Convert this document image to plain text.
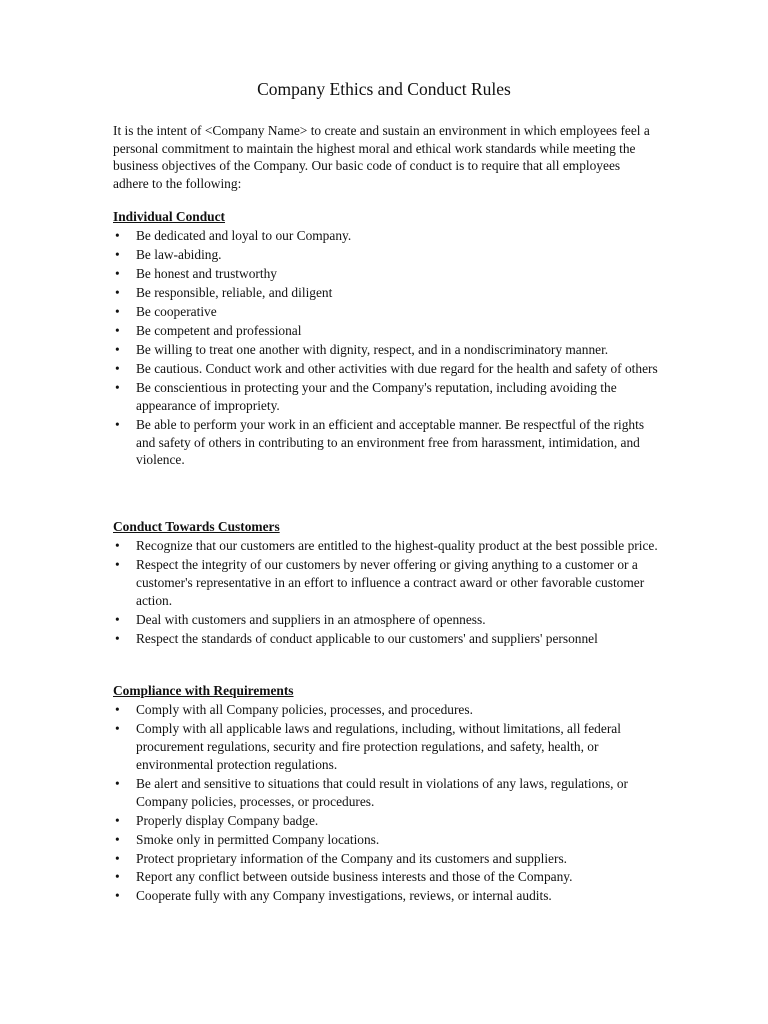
Company Ethics and Conduct Rules

It is the intent of <Company Name> to create and sustain an environment in which employees feel a personal commitment to maintain the highest moral and ethical work standards while meeting the business objectives of the Company. Our basic code of conduct is to require that all employees adhere to the following:

Individual Conduct
• Be dedicated and loyal to our Company.
• Be law-abiding.
• Be honest and trustworthy
• Be responsible, reliable, and diligent
• Be cooperative
• Be competent and professional
• Be willing to treat one another with dignity, respect, and in a nondiscriminatory manner.
• Be cautious. Conduct work and other activities with due regard for the health and safety of others
• Be conscientious in protecting your and the Company's reputation, including avoiding the appearance of impropriety.
• Be able to perform your work in an efficient and acceptable manner. Be respectful of the rights and safety of others in contributing to an environment free from harassment, intimidation, and violence.
Conduct Towards Customers
• Recognize that our customers are entitled to the highest-quality product at the best possible price.
• Respect the integrity of our customers by never offering or giving anything to a customer or a customer's representative in an effort to influence a contract award or other favorable customer action.
• Deal with customers and suppliers in an atmosphere of openness.
• Respect the standards of conduct applicable to our customers' and suppliers' personnel
Compliance with Requirements
• Comply with all Company policies, processes, and procedures.
• Comply with all applicable laws and regulations, including, without limitations, all federal procurement regulations, security and fire protection regulations, and safety, health, or environmental protection regulations.
• Be alert and sensitive to situations that could result in violations of any laws, regulations, or Company policies, processes, or procedures.
• Properly display Company badge.
• Smoke only in permitted Company locations.
• Protect proprietary information of the Company and its customers and suppliers.
• Report any conflict between outside business interests and those of the Company.
• Cooperate fully with any Company investigations, reviews, or internal audits.
